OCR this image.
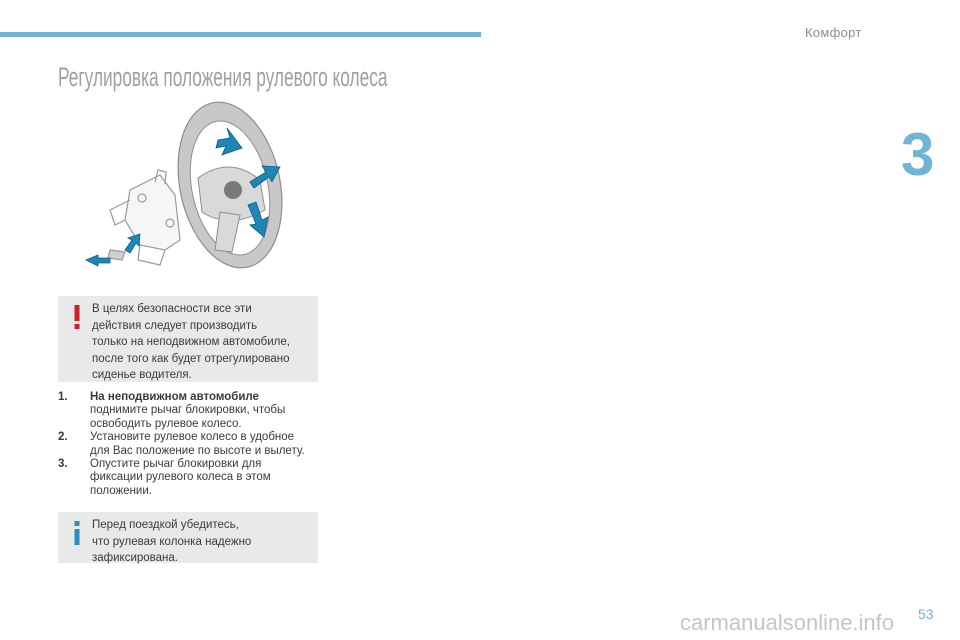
Комфорт
3
Регулировка положения рулевого колеса

В целях безопасности все эти

действия следует производить

только на неподвижном автомобиле,

после того как будет отрегулировано

сиденье водителя.

1. На неподвижном автомобиле

поднимите рычаг блокировки, чтобы

освободить рулевое колесо.

2. Установите рулевое колесо в удобное

для Вас положение по высоте и вылету.

3. Опустите рычаг блокировки для

фиксации рулевого колеса в этом

положении.

Перед поездкой убедитесь,

что рулевая колонка надежно

зафиксирована.

carmanualsonline.info 53
